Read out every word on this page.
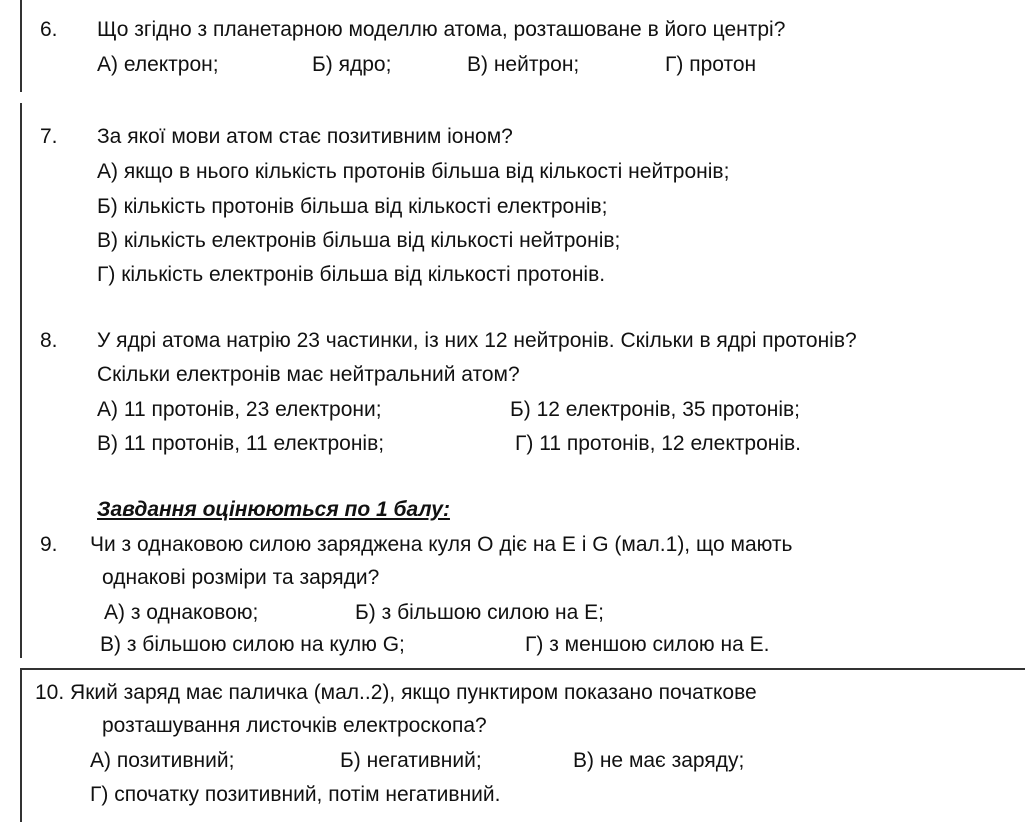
6. Що згідно з планетарною моделлю атома, розташоване в його центрі?
А) електрон;	Б) ядро;	В) нейтрон;	Г) протон
7. За якої мови атом стає позитивним іоном?
А) якщо в нього кількість протонів більша від кількості нейтронів;
Б) кількість протонів більша від кількості електронів;
В) кількість електронів більша від кількості нейтронів;
Г) кількість електронів більша від кількості протонів.
8. У ядрі атома натрію 23 частинки, із них 12 нейтронів. Скільки в ядрі протонів?
Скільки електронів має нейтральний атом?
А) 11 протонів, 23 електрони;	Б) 12 електронів, 35 протонів;
В) 11 протонів, 11 електронів;	Г) 11 протонів, 12 електронів.
Завдання оцінюються по 1 балу:
9. Чи з однаковою силою заряджена куля О діє на Е і G (мал.1), що мають
однакові розміри та заряди?
А) з однаковою;	Б) з більшою силою на Е;
В) з більшою силою на кулю G;	Г) з меншою силою на Е.
10. Який заряд має паличка (мал..2), якщо пунктиром показано початкове
розташування листочків електроскопа?
А) позитивний;	Б) негативний;	В) не має заряду;
Г) спочатку позитивний, потім негативний.
